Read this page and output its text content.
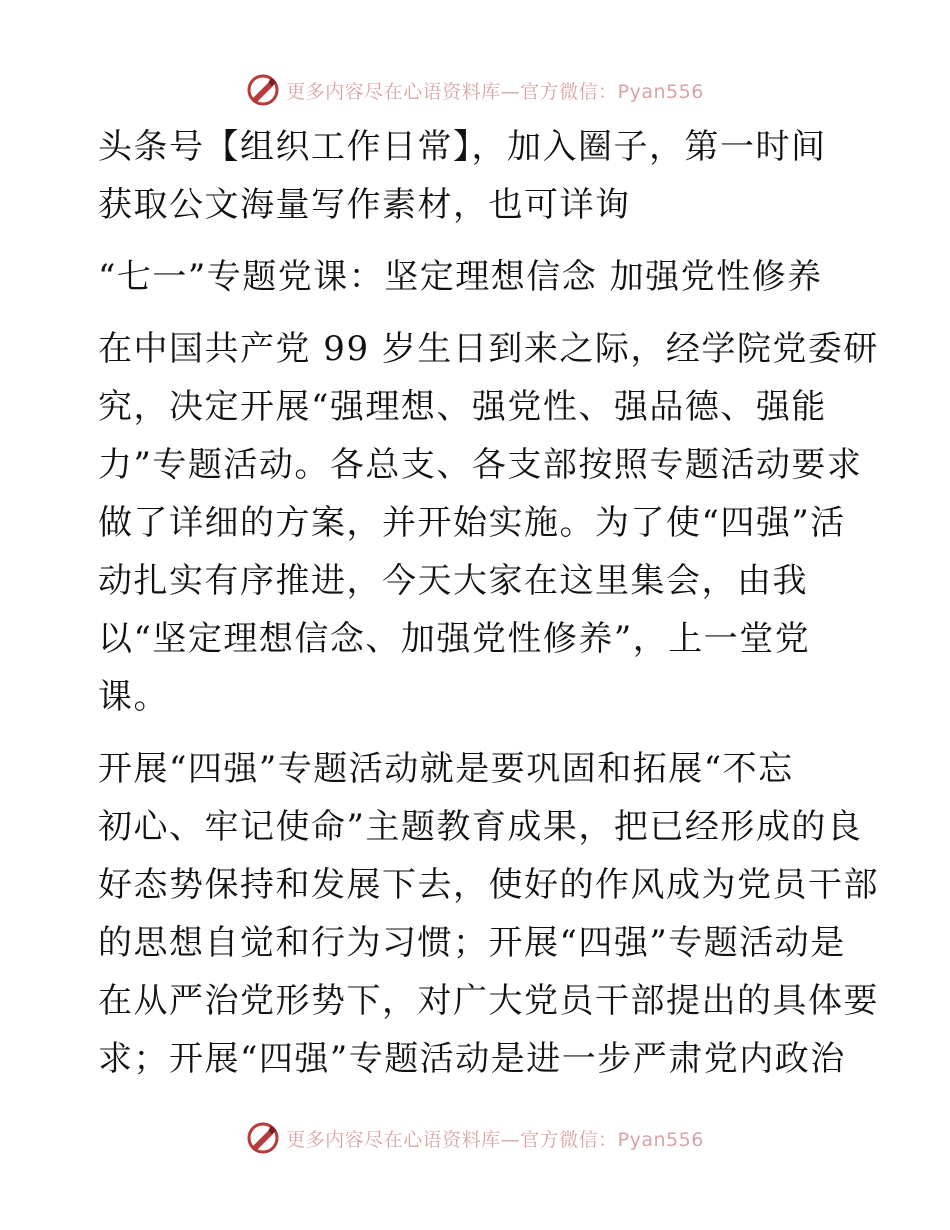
更多内容尽在心语资料库—官方微信：Pyan556

头条号【组织工作日常】，加入圈子，第一时间
获取公文海量写作素材，也可详询

“七一”专题党课：坚定理想信念 加强党性修养

在中国共产党 99 岁生日到来之际，经学院党委研
究，决定开展“强理想、强党性、强品德、强能
力”专题活动。各总支、各支部按照专题活动要求
做了详细的方案，并开始实施。为了使“四强”活
动扎实有序推进，今天大家在这里集会，由我
以“坚定理想信念、加强党性修养”，上一堂党
课。

开展“四强”专题活动就是要巩固和拓展“不忘
初心、牢记使命”主题教育成果，把已经形成的良
好态势保持和发展下去，使好的作风成为党员干部
的思想自觉和行为习惯；开展“四强”专题活动是
在从严治党形势下，对广大党员干部提出的具体要
求；开展“四强”专题活动是进一步严肃党内政治

更多内容尽在心语资料库—官方微信：Pyan556
